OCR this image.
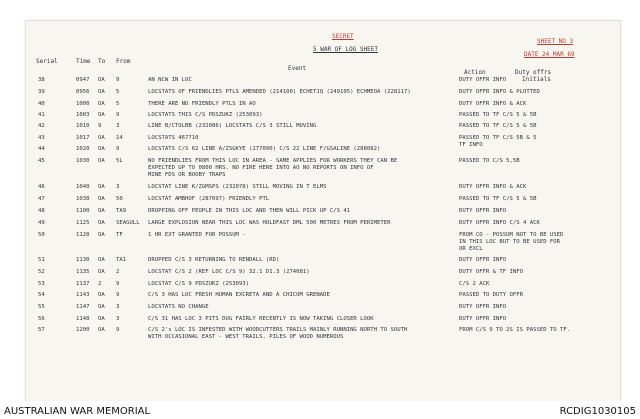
SECRET
5 WAR OF LOG SHEET
SHEET NO 3
DATE 24 MAR 69
Serial	Time To From
Event
Action	Duty offrs
Initials
38	0947 OA 9	AN NCW IN LOC	DUTY OFFR INFO
39	0956 OA 5	LOCSTATS OF FRIENDLIES PTLS AMENDED (214100) ECHETJQ (249105) ECHMEOA (228117)	DUTY OFFR INFO & PLOTTED
40	1000 OA 5	THERE ARE NO FRIENDLY PTLS IN AO	DUTY OFFR INFO & ACK
41	1003 OA 9	LOCSTATS THIS C/S PDSZUKZ (253093)	PASSED TO TF C/S 5 & 5B
42	1010 9	3	LINE B/CTOLBB (232086) LOCSTATS C/S 3 STILL MOVING	PASSED TO TF C/S 5 & 5B
43	1017 OA 14	LOCSTATS 467710	PASSED TO TF C/S 5B & 5
TF INFO
44	1020 OA 9	LOCSTATS C/S 62 LINE A/ZSGKYE (277090) C/S 22 LINE F/GSALINE (288082)
45	1030 OA 5L	NO FRIENDLIES FROM THIS LOC IN AREA - SAME APPLIES FOR WORKERS THEY CAN BE
EXPECTED UP TO 0800 HRS. NO FIRE HERE INTO AO NO REPORTS ON INFO OF
MINE FDS OR BOOBY TRAPS
PASSED TO C/S 5,5B
46	1040 OA 3	LOCSTAT LINE K/ZGMSPS (232078) STILL MOVING IN T ELMS	DUTY OFFR INFO & ACK
47	1038 OA 50	LOCSTAT AMBHOF (287097) FRIENDLY PTL	PASSED TO TF C/S 5 & 5B
48	1100 OA TA9	DROPPING OFF PEOPLE IN THIS LOC AND THEN WILL PICK UP C/S 41	DUTY OFFR INFO
49	1125 OA SEAGULL LARGE EXPLOSION NEAR THIS LOC WAS HOLDFAST DML 500 METRES FROM PERIMETER	DUTY OFFR INFO C/S 4 ACK
50	1128 OA TF	1 HR EXT GRANTED FOR POSSUM -	FROM CO - POSSUM NOT TO BE USED
IN THIS LOC BUT TO BE USED FOR
OR EXCL
51	1130 OA TA1	DROPPED C/S 3 RETURNING TO RENDALL (RD)	DUTY OFFR INFO
52	1135 OA 2	LOCSTAT C/S 2 (REF LOC C/S 9) 32.1 D1.3 (274081)	DUTY OFFR & TF INFO
53	1137 2	9	LOCSTAT C/S 9 PDSZUKZ (253093)	C/S 2 ACK
54	1143 OA 9	C/S 3 HAS LOC FRESH HUMAN EXCRETA AND A CHICOM GRENADE	PASSED TO DUTY OFFR
55	1147 OA 3	LOCSTATS NO CHANGE	DUTY OFFR INFO
56	1148 OA 3	C/S 31 HAS LOC 3 PITS DUG FAIRLY RECENTLY IS NOW TAKING CLOSER LOOK	DUTY OFFR INFO
57	1200 OA 9	C/S 2's LOC IS INFESTED WITH WOODCUTTERS TRAILS MAINLY RUNNING NORTH TO SOUTH
WITH OCCASIONAL EAST - WEST TRAILS. PILES OF WOOD NUMEROUS
FROM C/S 9 TO 2S IS PASSED TO TF.
AUSTRALIAN WAR MEMORIAL	RCDIG1030105
